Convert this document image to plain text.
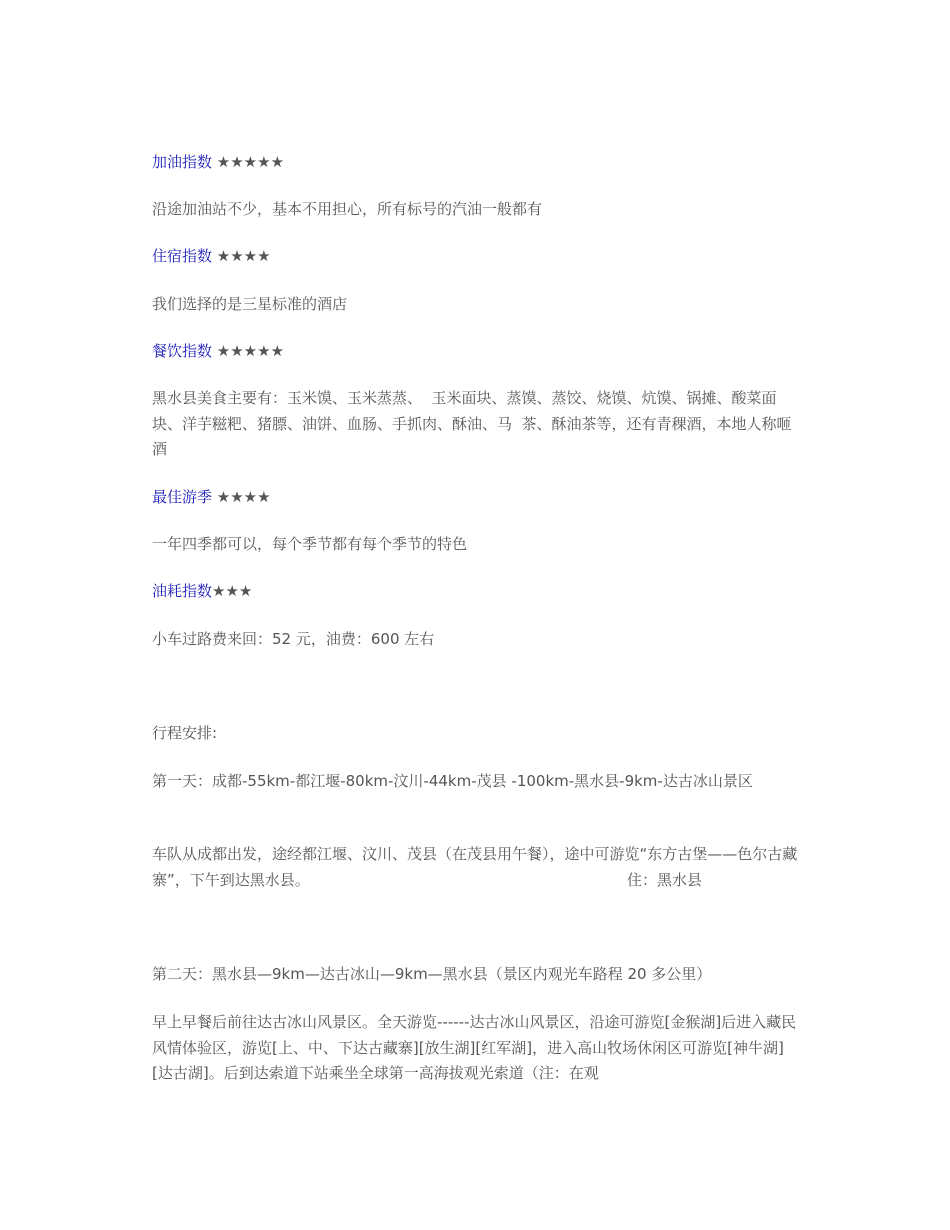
加油指数 ★★★★★
沿途加油站不少，基本不用担心，所有标号的汽油一般都有
住宿指数 ★★★★
我们选择的是三星标准的酒店
餐饮指数 ★★★★★
黑水县美食主要有：玉米馍、玉米蒸蒸、  玉米面块、蒸馍、蒸饺、烧馍、炕馍、锅摊、酸菜面块、洋芋糍粑、猪膘、油饼、血肠、手抓肉、酥油、马  茶、酥油茶等，还有青稞酒，本地人称咂酒
最佳游季 ★★★★
一年四季都可以，每个季节都有每个季节的特色
油耗指数★★★
小车过路费来回：52 元，油费：600 左右
行程安排:
第一天：成都-55km-都江堰-80km-汶川-44km-茂县 -100km-黑水县-9km-达古冰山景区
车队从成都出发，途经都江堰、汶川、茂县（在茂县用午餐），途中可游览“东方古堡——色尔古藏寨”，下午到达黑水县。	住：黑水县
第二天：黑水县—9km—达古冰山—9km—黑水县（景区内观光车路程 20 多公里）
早上早餐后前往达古冰山风景区。全天游览------达古冰山风景区，沿途可游览[金猴湖]后进入藏民风情体验区，游览[上、中、下达古藏寨][放生湖][红军湖]，进入高山牧场休闲区可游览[神牛湖][达古湖]。后到达索道下站乘坐全球第一高海拔观光索道（注：在观
